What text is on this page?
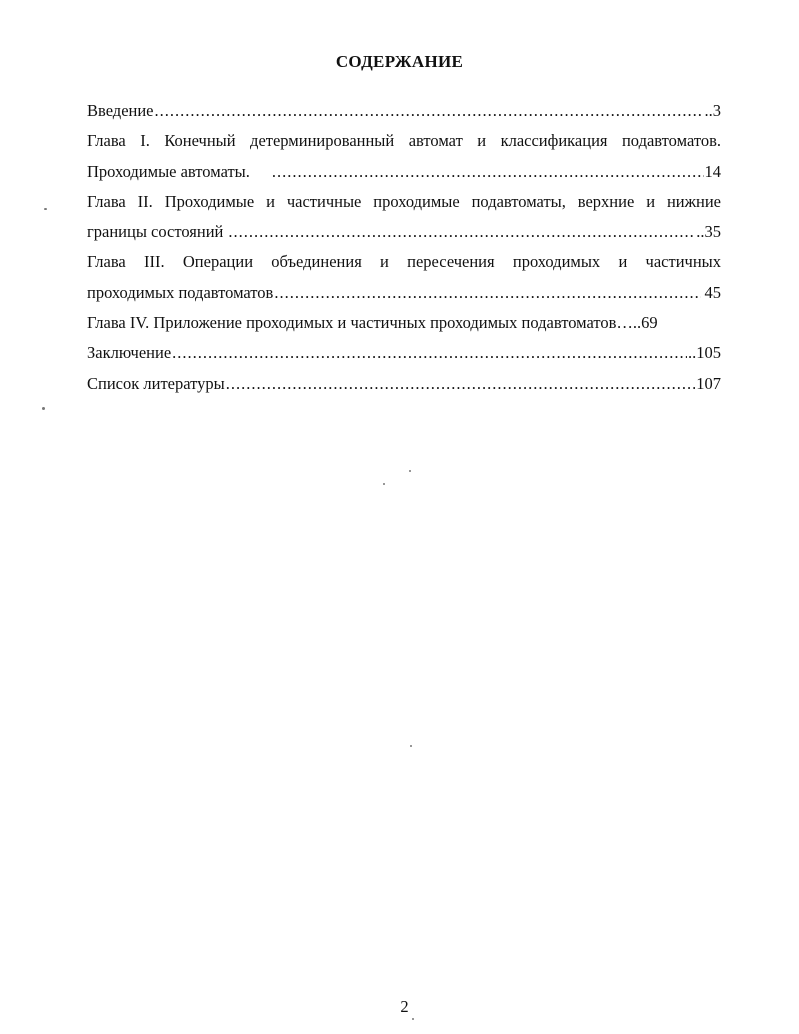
СОДЕРЖАНИЕ
Введение .....	..3
Глава I. Конечный детерминированный автомат и классификация подавтоматов.
Проходимые автоматы. .....	14
Глава II. Проходимые и частичные проходимые подавтоматы, верхние и нижние
границы состояний .....	..35
Глава III. Операции объединения и пересечения проходимых и частичных
проходимых подавтоматов .....	45
Глава IV. Приложение проходимых и частичных проходимых подавтоматов …..69
Заключение .....	..105
Список литературы .....	107
2
